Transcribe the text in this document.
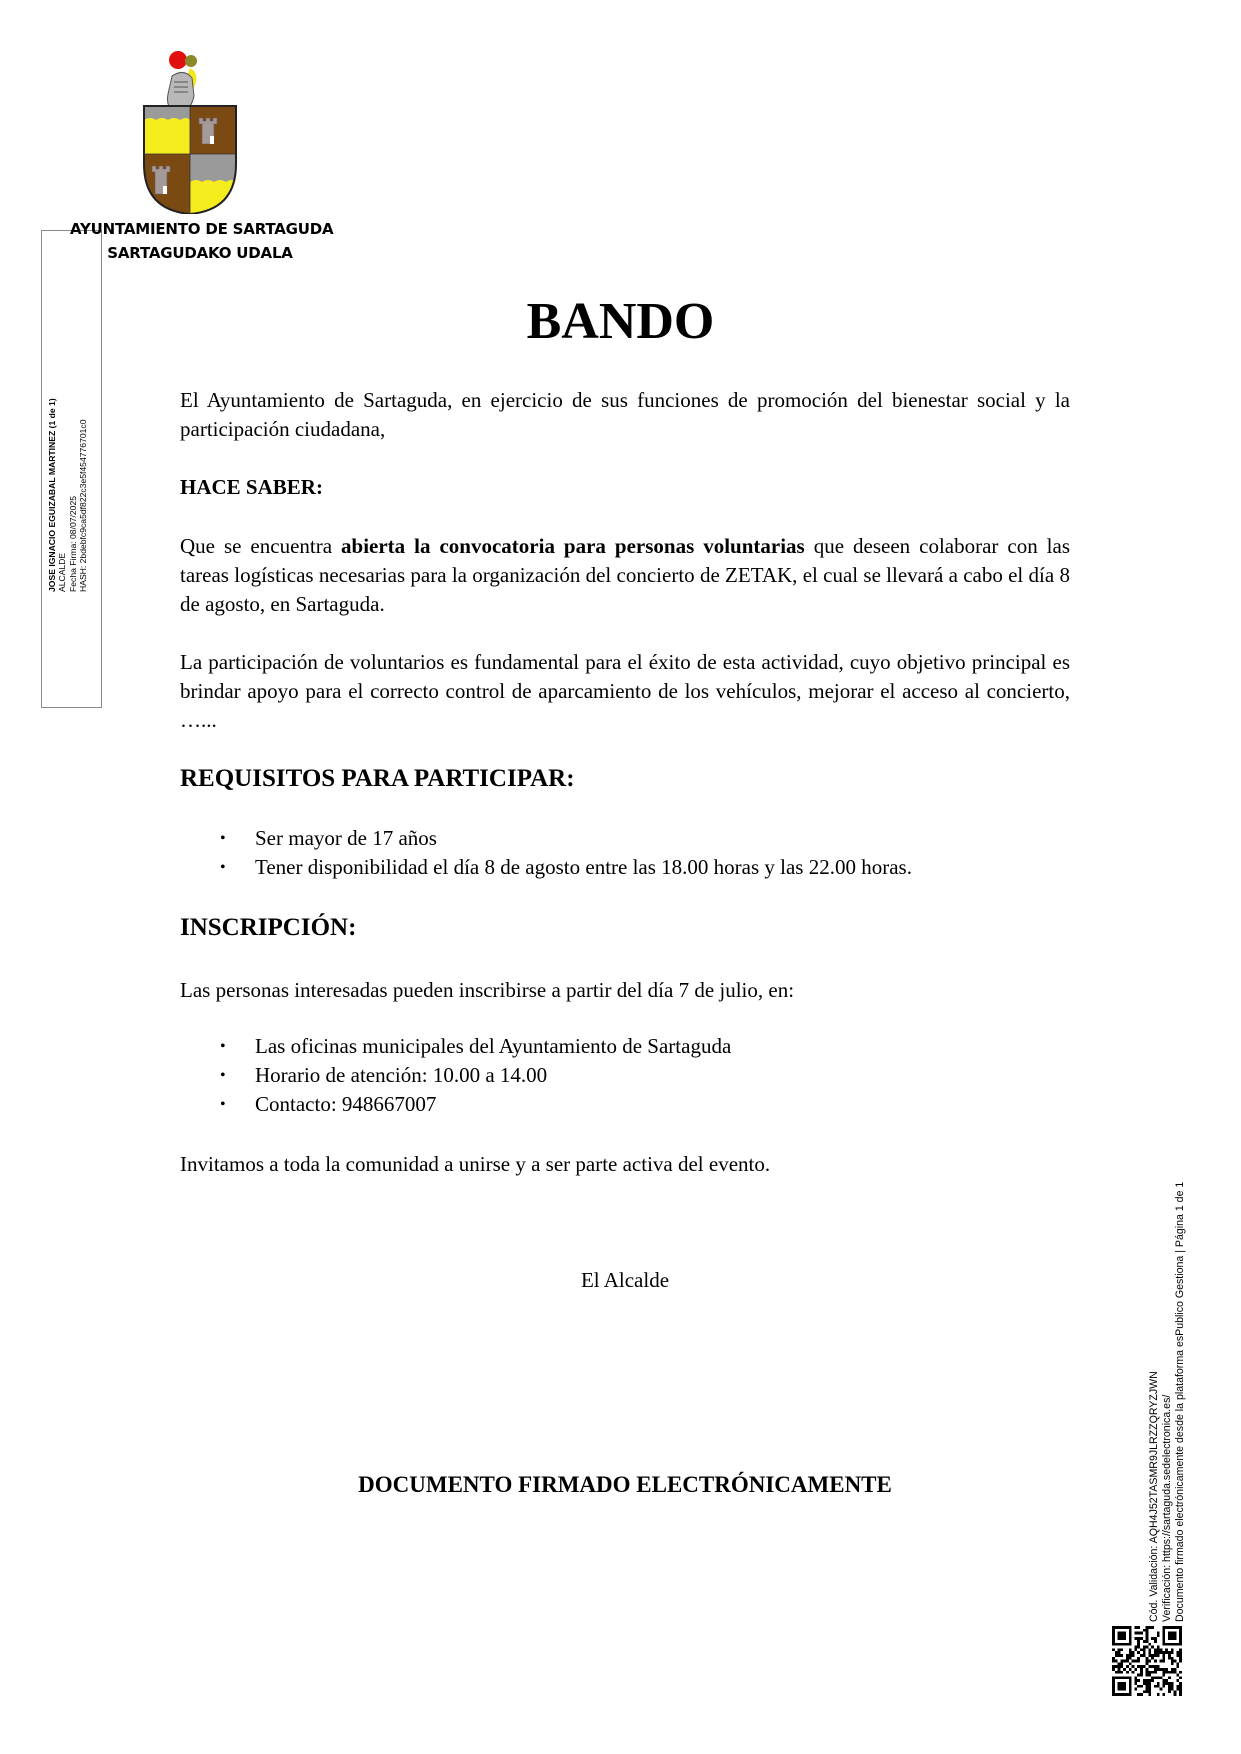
AYUNTAMIENTO DE SARTAGUDA
SARTAGUDAKO UDALA
JOSE IGNACIO EGUIZABAL MARTINEZ (1 de 1) ALCALDE Fecha Firma: 08/07/2025 HASH: 2bdebfc9ca5df822c3e5f454776701c0
BANDO
El Ayuntamiento de Sartaguda, en ejercicio de sus funciones de promoción del bienestar social y la participación ciudadana,
HACE SABER:
Que se encuentra abierta la convocatoria para personas voluntarias que deseen colaborar con las tareas logísticas necesarias para la organización del concierto de ZETAK, el cual se llevará a cabo el día 8 de agosto, en Sartaguda.
La participación de voluntarios es fundamental para el éxito de esta actividad, cuyo objetivo principal es brindar apoyo para el correcto control de aparcamiento de los vehículos, mejorar el acceso al concierto, …...
REQUISITOS PARA PARTICIPAR:
• Ser mayor de 17 años
• Tener disponibilidad el día 8 de agosto entre las 18.00 horas y las 22.00 horas.
INSCRIPCIÓN:
Las personas interesadas pueden inscribirse a partir del día 7 de julio, en:
• Las oficinas municipales del Ayuntamiento de Sartaguda
• Horario de atención: 10.00 a 14.00
• Contacto: 948667007
Invitamos a toda la comunidad a unirse y a ser parte activa del evento.
El Alcalde
DOCUMENTO FIRMADO ELECTRÓNICAMENTE	Cód. Validación: AQH4J52TASMR9JLRZZQRYZJWN Verificación: https://sartaguda.sedelectronica.es/ Documento firmado electrónicamente desde la plataforma esPublico Gestiona | Página 1 de 1
